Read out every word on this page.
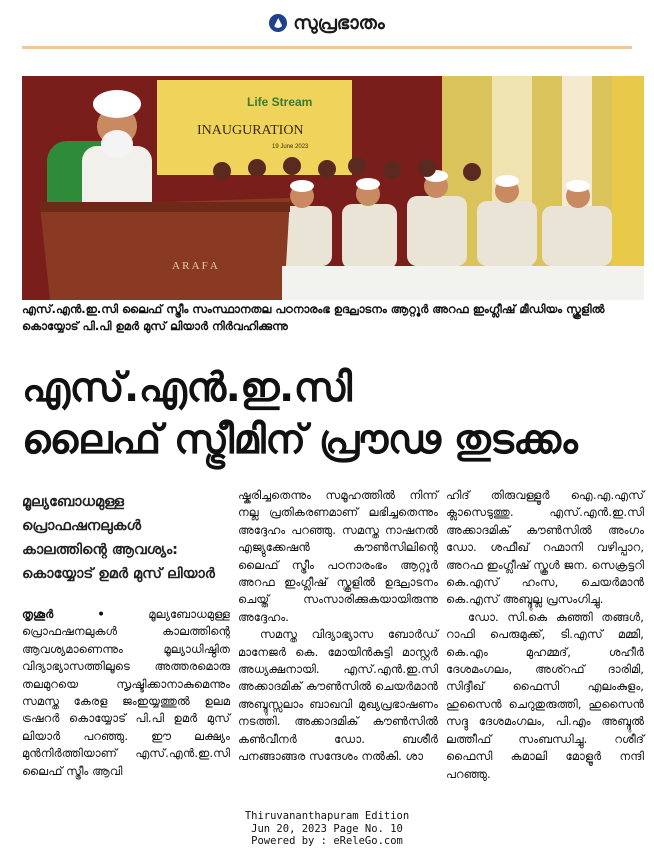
സുപ്രഭാതം
Life Stream
INAUGURATION
19 June 2023
A R A F A
എസ്.എൻ.ഇ.സി ലൈഫ് സ്ട്രീം സംസ്ഥാനതല പഠനാരംഭ ഉദ്ഘാടനം ആറ്റൂർ അറഫ ഇംഗ്ലീഷ് മീഡിയം സ്കൂളിൽ കൊയ്യോട് പി.പി ഉമർ മുസ് ലിയാർ നിർവഹിക്കുന്നു
എസ്.എൻ.ഇ.സി
ലൈഫ് സ്ട്രീമിന് പ്രൗഢ തുടക്കം
മൂല്യബോധമുള്ള പ്രൊഫഷനലുകൾ കാലത്തിന്റെ ആവശ്യം: കൊയ്യോട് ഉമർ മുസ് ലിയാർ

തൃശൂർ •	മൂല്യബോധമുള്ള പ്രൊഫഷനലുകൾ കാലത്തിന്റെ ആവശ്യമാണെന്നും മൂല്യാധിഷ്ഠിത വിദ്യാഭ്യാസത്തിലൂടെ അത്തരമൊരു തലമുറയെ സൃഷ്ടിക്കാനാകുമെന്നും സമസ്ത കേരള ജംഇയ്യത്തുൽ ഉലമ ട്രഷറർ കൊയ്യോട് പി.പി ഉമർ മുസ് ലിയാർ പറഞ്ഞു. ഈ ലക്ഷ്യം മുൻനിർത്തിയാണ് എസ്.എൻ.ഇ.സി ലൈഫ് സ്ട്രീം ആവി

ഷ്കരിച്ചതെന്നും സമൂഹത്തിൽ നിന്ന് നല്ല പ്രതികരണമാണ് ലഭിച്ചതെന്നും അദ്ദേഹം പറഞ്ഞു. സമസ്ത നാഷനൽ എജ്യുക്കേഷൻ കൗൺസിലിന്റെ ലൈഫ് സ്ട്രീം പഠനാരംഭം ആറ്റൂർ അറഫ ഇംഗ്ലീഷ് സ്കൂളിൽ ഉദ്ഘാടനം ചെയ്ത് സംസാരിക്കുകയായിരുന്നു അദ്ദേഹം.

സമസ്ത വിദ്യാഭ്യാസ ബോർഡ് മാനേജർ കെ. മോയിൻകുട്ടി മാസ്റ്റർ അധ്യക്ഷനായി. എസ്.എൻ.ഇ.സി അക്കാദമിക് കൗൺസിൽ ചെയർമാൻ അബ്ദുസ്സലാം ബാഖവി മുഖ്യപ്രഭാഷണം നടത്തി. അക്കാദമിക് കൗൺസിൽ കൺവീനർ ഡോ. ബശീർ പനങ്ങാങ്ങര സന്ദേശം നൽകി. ശാ

ഹിദ് തിരുവള്ളൂർ ഐ.എ.എസ് ക്ലാസെടുത്തു. എസ്.എൻ.ഇ.സി അക്കാദമിക് കൗൺസിൽ അംഗം ഡോ. ശഫീഖ് റഹ്മാനി വഴിപ്പാറ, അറഫ ഇംഗ്ലീഷ് സ്കൂൾ ജന. സെക്രട്ടറി കെ.എസ് ഹംസ, ചെയർമാൻ കെ.എസ് അബ്ദുല്ല പ്രസംഗിച്ചു.

ഡോ. സി.കെ കുഞ്ഞി തങ്ങൾ, റാഫി പെരുമുക്ക്, ടി.എസ് മമ്മി, കെ.എം മുഹമ്മദ്, ശഹീർ ദേശമംഗലം, അശ്റഫ് ദാരിമി, സിദ്ദീഖ് ഫൈസി എലംകുളം, ഹുസൈൻ ചെറുതുരുത്തി, ഹുസൈൻ സദ്ദു ദേശമംഗലം, പി.എം അബ്ദുൽ ലത്തീഫ് സംബന്ധിച്ചു. റശീദ് ഫൈസി കമാലി മോളൂർ നന്ദി പറഞ്ഞു.

Thiruvananthapuram Edition
Jun 20, 2023 Page No. 10
Powered by : eReleGo.com
